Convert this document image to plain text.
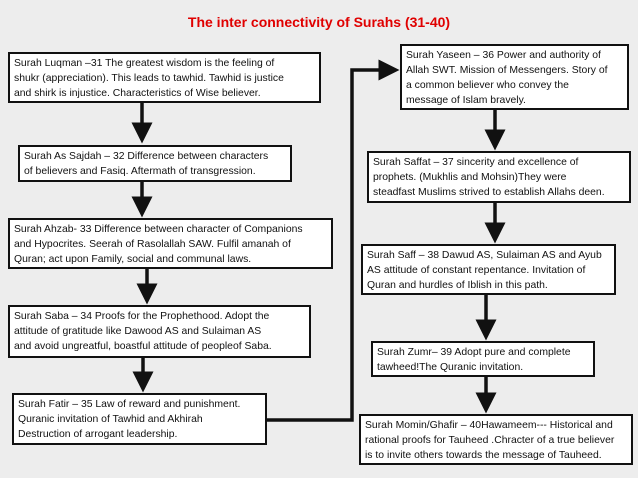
The inter connectivity of Surahs (31-40)
Surah Luqman –31 The greatest wisdom is the feeling of
shukr (appreciation). This leads to tawhid. Tawhid is justice
and shirk is injustice. Characteristics of Wise believer.
Surah As Sajdah – 32 Difference between characters
of believers and Fasiq. Aftermath of transgression.
Surah Ahzab- 33 Difference between character of Companions
and Hypocrites. Seerah of Rasolallah SAW. Fulfil amanah of
Quran; act upon Family, social and communal laws.
Surah Saba – 34 Proofs for the Prophethood. Adopt the
attitude of gratitude like Dawood AS and Sulaiman AS
and avoid ungreatful, boastful attitude of peopleof Saba.
Surah Fatir – 35 Law of reward and punishment.
Quranic invitation of Tawhid and Akhirah
Destruction of arrogant leadership.
Surah Yaseen – 36 Power and authority of
Allah SWT. Mission of Messengers. Story of
a common believer who convey the
message of Islam bravely.
Surah Saffat – 37 sincerity and excellence of
prophets. (Mukhlis and Mohsin)They were
steadfast Muslims strived to establish Allahs deen.
Surah Saff – 38 Dawud AS, Sulaiman AS and Ayub
AS attitude of constant repentance. Invitation of
Quran and hurdles of Iblish in this path.
Surah Zumr– 39 Adopt pure and complete
tawheed!The Quranic invitation.
Surah Momin/Ghafir – 40Hawameem--- Historical and
rational proofs for Tauheed .Chracter of a true believer
is to invite others towards the message of Tauheed.
